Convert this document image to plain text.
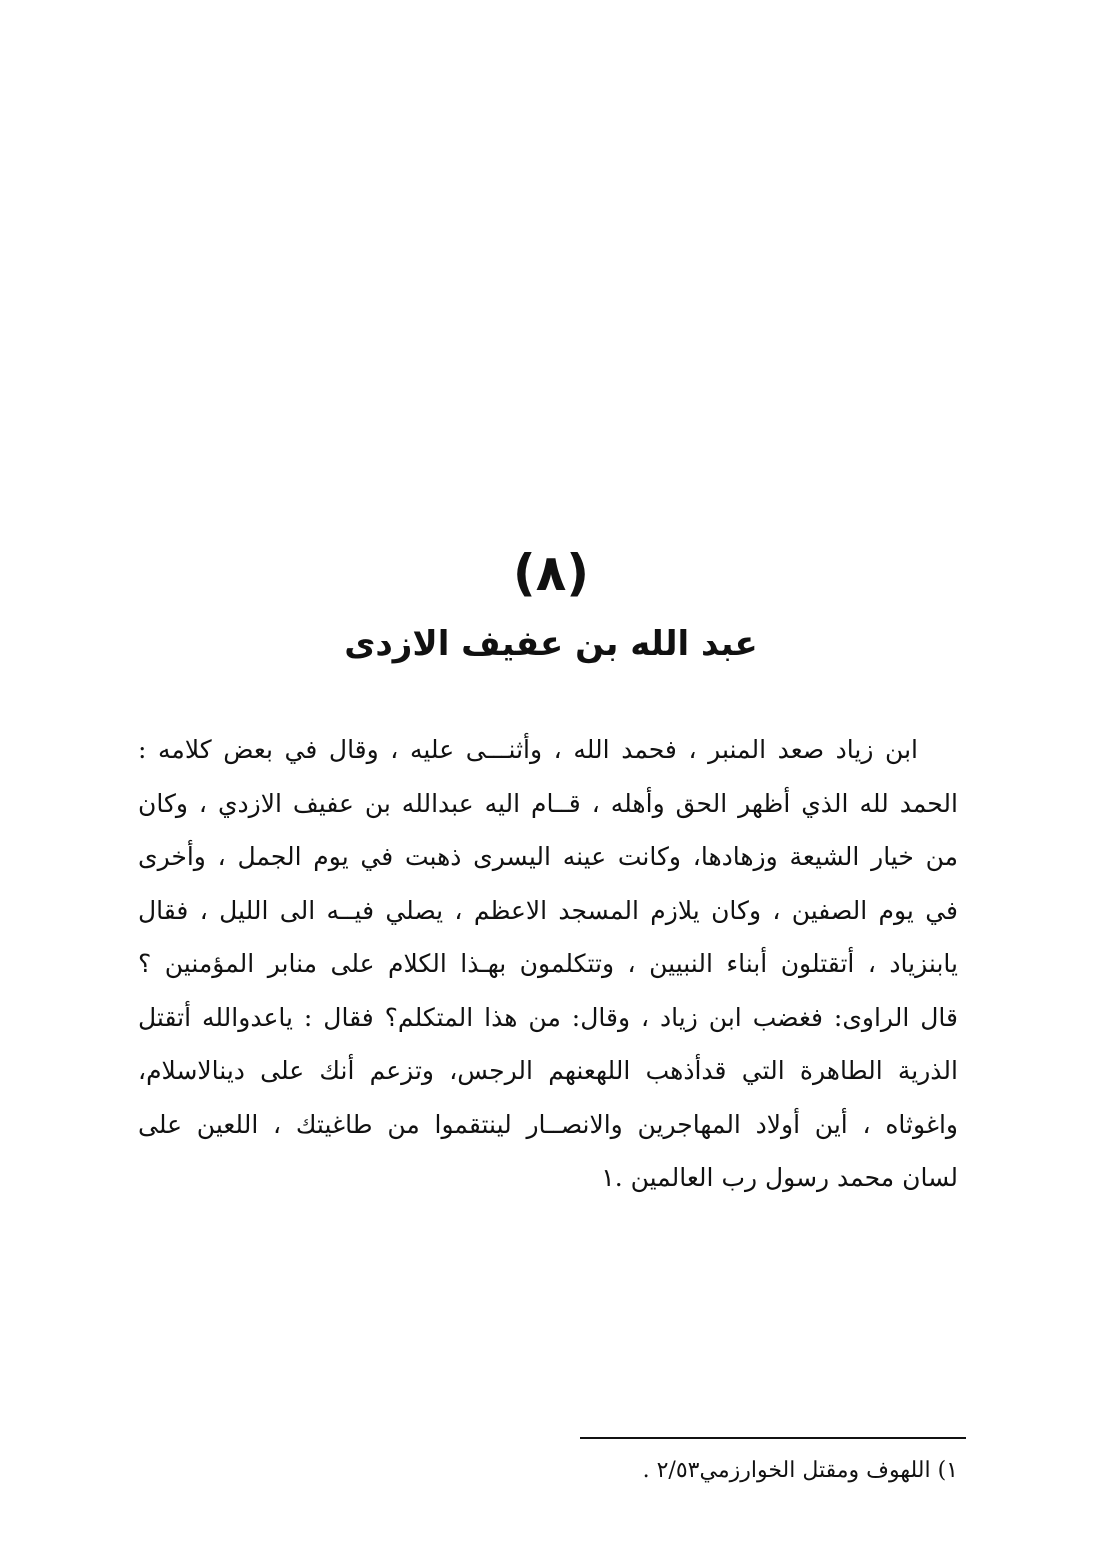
(٨)
عبد الله بن عفيف الازدى
ابن زياد صعد المنبر ، فحمد الله ، وأثنـــى عليه ، وقال في بعض كلامه :
الحمد لله الذي أظهر الحق وأهله ، قــام اليه عبدالله بن عفيف الازدي ، وكان
من خيار الشيعة وزهادها، وكانت عينه اليسرى ذهبت في يوم الجمل ، وأخرى
في يوم الصفين ، وكان يلازم المسجد الاعظم ، يصلي فيــه الى الليل ، فقال
يابنزياد ، أتقتلون أبناء النبيين ، وتتكلمون بهـذا الكلام على منابر المؤمنين ؟
قال الراوى: فغضب ابن زياد ، وقال: من هذا المتكلم؟ فقال : ياعدوالله أتقتل
الذرية الطاهرة التي قدأذهب اللهعنهم الرجس، وتزعم أنك على دينالاسلام،
واغوثاه ، أين أولاد المهاجرين والانصــار لينتقموا من طاغيتك ، اللعين على
لسان محمد رسول رب العالمين .١
١) اللهوف ومقتل الخوارزمي٢/٥٣ .
